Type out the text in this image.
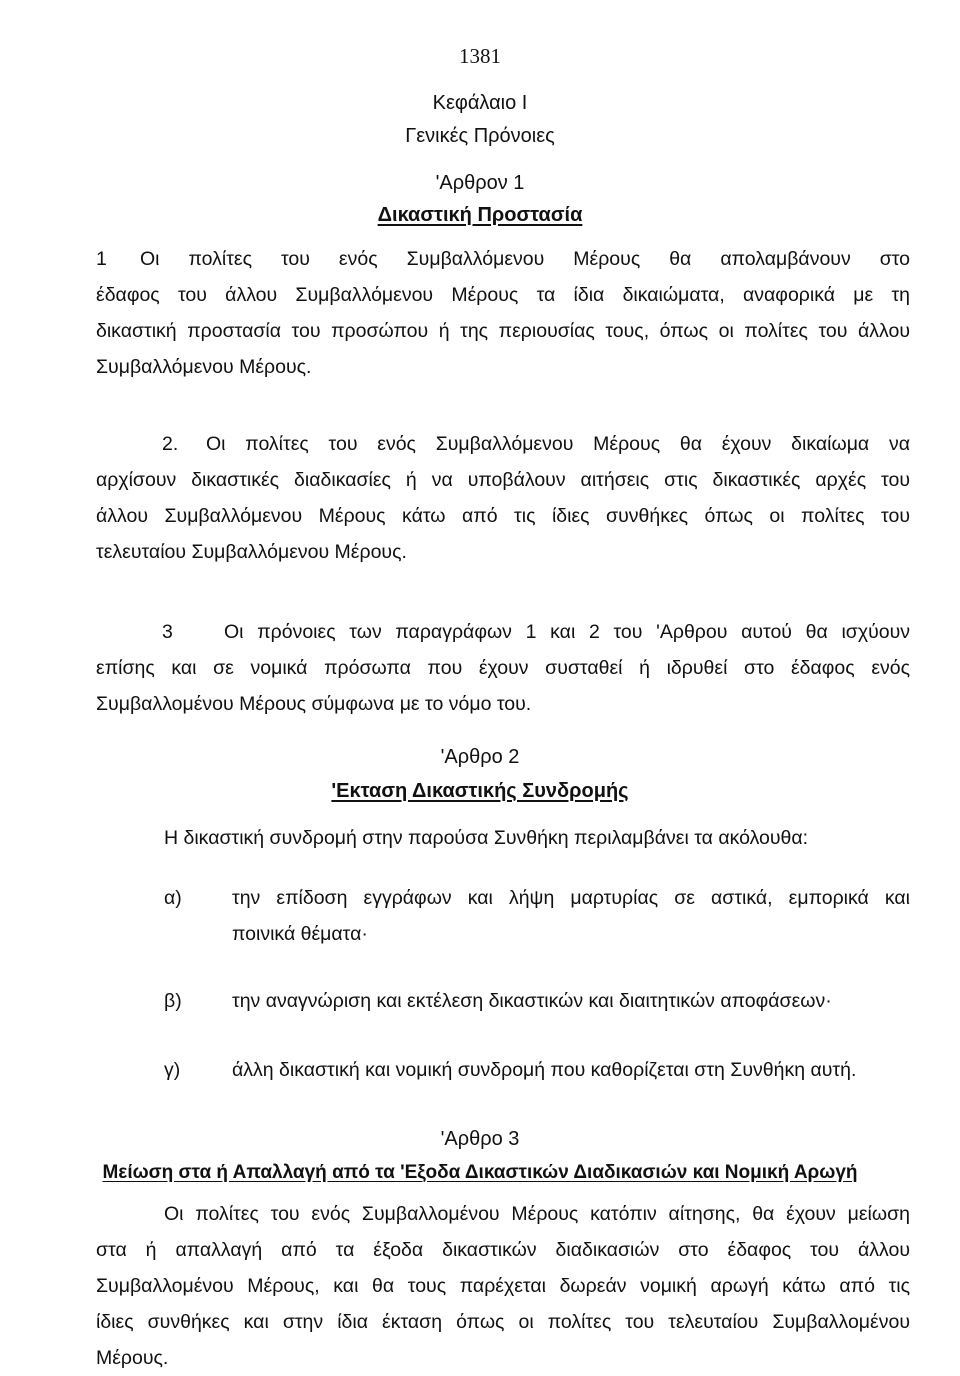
1381
Κεφάλαιο Ι
Γενικές Πρόνοιες
'Αρθρον 1
Δικαστική Προστασία
1 Οι πολίτες του ενός Συμβαλλόμενου Μέρους θα απολαμβάνουν στο
έδαφος του άλλου Συμβαλλόμενου Μέρους τα ίδια δικαιώματα, αναφορικά με τη
δικαστική προστασία του προσώπου ή της περιουσίας τους, όπως οι πολίτες του άλλου
Συμβαλλόμενου Μέρους.
2. Οι πολίτες του ενός Συμβαλλόμενου Μέρους θα έχουν δικαίωμα να
αρχίσουν δικαστικές διαδικασίες ή να υποβάλουν αιτήσεις στις δικαστικές αρχές του
άλλου Συμβαλλόμενου Μέρους κάτω από τις ίδιες συνθήκες όπως οι πολίτες του
τελευταίου Συμβαλλόμενου Μέρους.
3	Οι πρόνοιες των παραγράφων 1 και 2 του 'Αρθρου αυτού θα ισχύουν
επίσης και σε νομικά πρόσωπα που έχουν συσταθεί ή ιδρυθεί στο έδαφος ενός
Συμβαλλομένου Μέρους σύμφωνα με το νόμο του.
'Αρθρο 2
'Εκταση Δικαστικής Συνδρομής
Η δικαστική συνδρομή στην παρούσα Συνθήκη περιλαμβάνει τα ακόλουθα:
α)	την επίδοση εγγράφων και λήψη μαρτυρίας σε αστικά, εμπορικά και
ποινικά θέματα·
β)	την αναγνώριση και εκτέλεση δικαστικών και διαιτητικών αποφάσεων·
γ)	άλλη δικαστική και νομική συνδρομή που καθορίζεται στη Συνθήκη αυτή.
'Αρθρο 3
Μείωση στα ή Απαλλαγή από τα 'Εξοδα Δικαστικών Διαδικασιών και Νομική Αρωγή
Οι πολίτες του ενός Συμβαλλομένου Μέρους κατόπιν αίτησης, θα έχουν μείωση
στα ή απαλλαγή από τα έξοδα δικαστικών διαδικασιών στο έδαφος του άλλου
Συμβαλλομένου Μέρους, και θα τους παρέχεται δωρεάν νομική αρωγή κάτω από τις
ίδιες συνθήκες και στην ίδια έκταση όπως οι πολίτες του τελευταίου Συμβαλλομένου
Μέρους.
